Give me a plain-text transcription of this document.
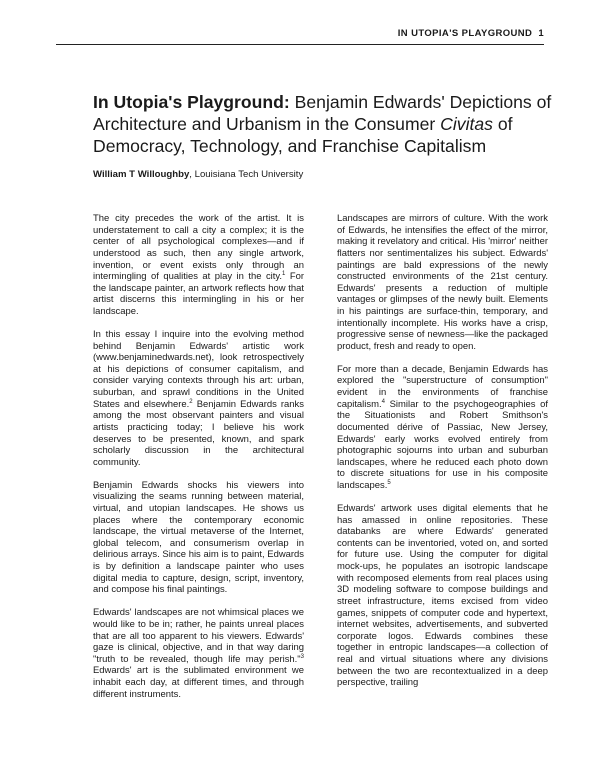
IN UTOPIA'S PLAYGROUND 1
In Utopia's Playground: Benjamin Edwards' Depictions of Architecture and Urbanism in the Consumer Civitas of Democracy, Technology, and Franchise Capitalism
William T Willoughby, Louisiana Tech University

The city precedes the work of the artist. It is understatement to call a city a complex; it is the center of all psychological complexes—and if understood as such, then any single artwork, invention, or event exists only through an intermingling of qualities at play in the city.$^1$ For the landscape painter, an artwork reflects how that artist discerns this intermingling in his or her landscape.

In this essay I inquire into the evolving method behind Benjamin Edwards' artistic work (www.benjaminedwards.net), look retrospectively at his depictions of consumer capitalism, and consider varying contexts through his art: urban, suburban, and sprawl conditions in the United States and elsewhere.$^2$ Benjamin Edwards ranks among the most observant painters and visual artists practicing today; I believe his work deserves to be presented, known, and spark scholarly discussion in the architectural community.

Benjamin Edwards shocks his viewers into visualizing the seams running between material, virtual, and utopian landscapes. He shows us places where the contemporary economic landscape, the virtual metaverse of the Internet, global telecom, and consumerism overlap in delirious arrays. Since his aim is to paint, Edwards is by definition a landscape painter who uses digital media to capture, design, script, inventory, and compose his final paintings.

Edwards' landscapes are not whimsical places we would like to be in; rather, he paints unreal places that are all too apparent to his viewers. Edwards' gaze is clinical, objective, and in that way daring "truth to be revealed, though life may perish."$^3$ Edwards' art is the sublimated environment we inhabit each day, at different times, and through different instruments.

Landscapes are mirrors of culture. With the work of Edwards, he intensifies the effect of the mirror, making it revelatory and critical. His 'mirror' neither flatters nor sentimentalizes his subject. Edwards' paintings are bald expressions of the newly constructed environments of the 21st century. Edwards' presents a reduction of multiple vantages or glimpses of the newly built. Elements in his paintings are surface-thin, temporary, and intentionally incomplete. His works have a crisp, progressive sense of newness—like the packaged product, fresh and ready to open.

For more than a decade, Benjamin Edwards has explored the "superstructure of consumption" evident in the environments of franchise capitalism.$^4$ Similar to the psychogeographies of the Situationists and Robert Smithson's documented dérive of Passiac, New Jersey, Edwards' early works evolved entirely from photographic sojourns into urban and suburban landscapes, where he reduced each photo down to discrete situations for use in his composite landscapes.$^5$

Edwards' artwork uses digital elements that he has amassed in online repositories. These databanks are where Edwards' generated contents can be inventoried, voted on, and sorted for future use. Using the computer for digital mock-ups, he populates an isotropic landscape with recomposed elements from real places using 3D modeling software to compose buildings and street infrastructure, items excised from video games, snippets of computer code and hypertext, internet websites, advertisements, and subverted corporate logos. Edwards combines these together in entropic landscapes—a collection of real and virtual situations where any divisions between the two are recontextualized in a deep perspective, trailing
